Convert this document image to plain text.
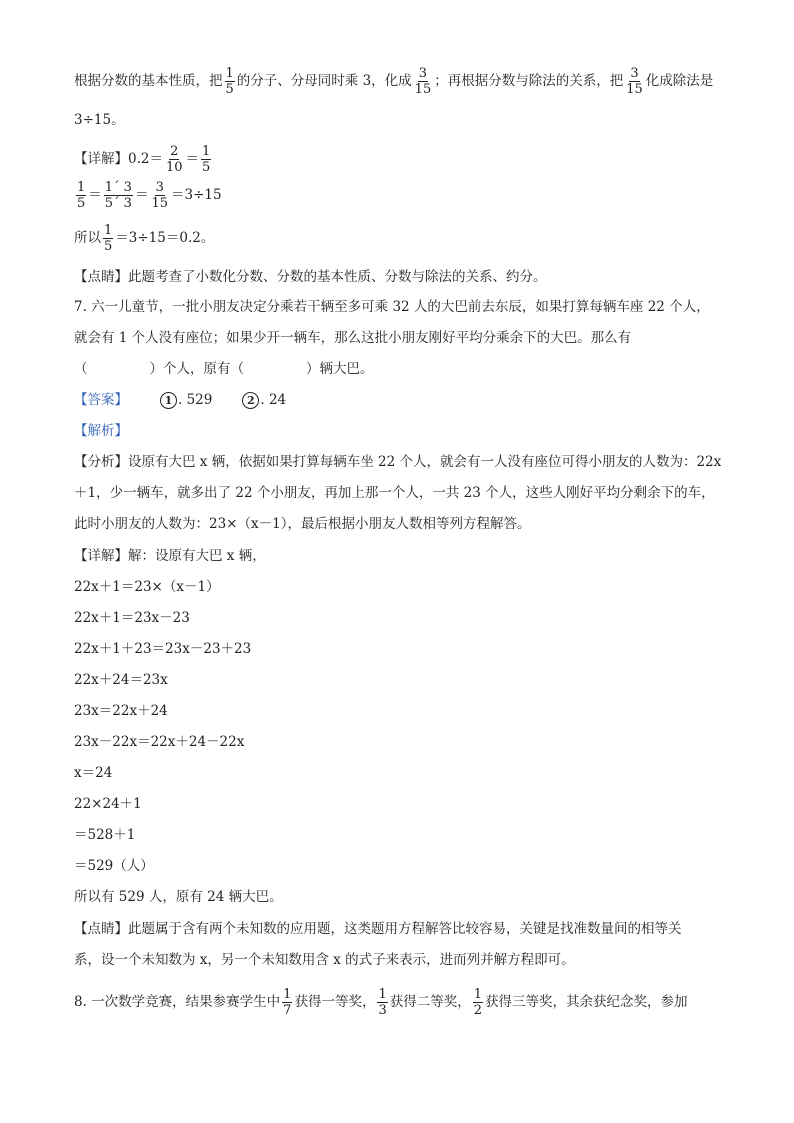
根据分数的基本性质，把 $\frac{1}{5}$ 的分子、分母同时乘 3，化成 $\frac{3}{15}$ ；再根据分数与除法的关系，把 $\frac{3}{15}$ 化成除法是
3÷15。
【详解】$0.2= \frac{2}{10} = \frac{1}{5}$
$\frac{1}{5} = \frac{1´ 3}{5´ 3} = \frac{3}{15} =3\div 15$
所以 $\frac{1}{5} =3\div 15=0.2$。
【点睛】此题考查了小数化分数、分数的基本性质、分数与除法的关系、约分。
7. 六一儿童节，一批小朋友决定分乘若干辆至多可乘 32 人的大巴前去东辰，如果打算每辆车座 22 个人，
就会有 1 个人没有座位；如果少开一辆车，那么这批小朋友刚好平均分乘余下的大巴。那么有
（	）个人，原有（	）辆大巴。
【答案】	1 . 529	2 . 24
【解析】
【分析】设原有大巴 x 辆，依据如果打算每辆车坐 22 个人，就会有一人没有座位可得小朋友的人数为：22x
＋1，少一辆车，就多出了 22 个小朋友，再加上那一个人，一共 23 个人，这些人刚好平均分剩余下的车，
此时小朋友的人数为：23×（x－1），最后根据小朋友人数相等列方程解答。
【详解】解：设原有大巴 x 辆，
22x＋1＝23×（x－1）
22x＋1＝23x－23
22x＋1＋23＝23x－23＋23
22x＋24＝23x
23x＝22x＋24
23x－22x＝22x＋24－22x
x＝24
22×24＋1
＝528＋1
＝529（人）
所以有 529 人，原有 24 辆大巴。
【点睛】此题属于含有两个未知数的应用题，这类题用方程解答比较容易，关键是找准数量间的相等关
系，设一个未知数为 x，另一个未知数用含 x 的式子来表示，进而列并解方程即可。
8. 一次数学竞赛，结果参赛学生中 $\frac{1}{7}$ 获得一等奖， $\frac{1}{3}$ 获得二等奖， $\frac{1}{2}$ 获得三等奖，其余获纪念奖，参加
